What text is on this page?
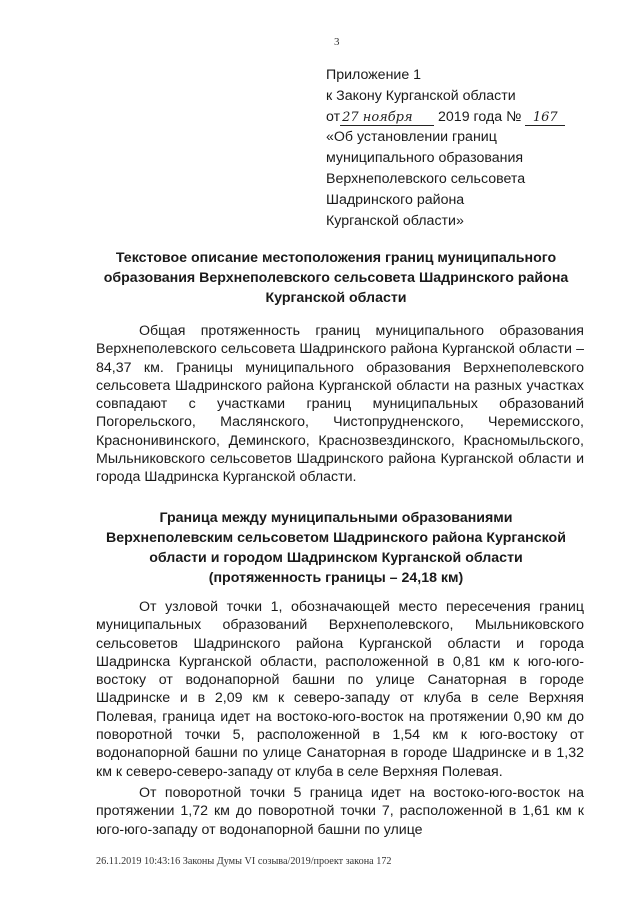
3
Приложение 1
к Закону Курганской области
от 27 ноября 2019 года № 167
«Об установлении границ
муниципального образования
Верхнеполевского сельсовета
Шадринского района
Курганской области»
Текстовое описание местоположения границ муниципального образования Верхнеполевского сельсовета Шадринского района Курганской области
Общая протяженность границ муниципального образования Верхнеполевского сельсовета Шадринского района Курганской области – 84,37 км. Границы муниципального образования Верхнеполевского сельсовета Шадринского района Курганской области на разных участках совпадают с участками границ муниципальных образований Погорельского, Маслянского, Чистопрудненского, Черемисского, Краснонивинского, Деминского, Краснозвездинского, Красномыльского, Мыльниковского сельсоветов Шадринского района Курганской области и города Шадринска Курганской области.
Граница между муниципальными образованиями Верхнеполевским сельсоветом Шадринского района Курганской области и городом Шадринском Курганской области (протяженность границы – 24,18 км)
От узловой точки 1, обозначающей место пересечения границ муниципальных образований Верхнеполевского, Мыльниковского сельсоветов Шадринского района Курганской области и города Шадринска Курганской области, расположенной в 0,81 км к юго-юго-востоку от водонапорной башни по улице Санаторная в городе Шадринске и в 2,09 км к северо-западу от клуба в селе Верхняя Полевая, граница идет на востоко-юго-восток на протяжении 0,90 км до поворотной точки 5, расположенной в 1,54 км к юго-востоку от водонапорной башни по улице Санаторная в городе Шадринске и в 1,32 км к северо-северо-западу от клуба в селе Верхняя Полевая.
От поворотной точки 5 граница идет на востоко-юго-восток на протяжении 1,72 км до поворотной точки 7, расположенной в 1,61 км к юго-юго-западу от водонапорной башни по улице
26.11.2019 10:43:16 Законы Думы VI созыва/2019/проект закона 172
